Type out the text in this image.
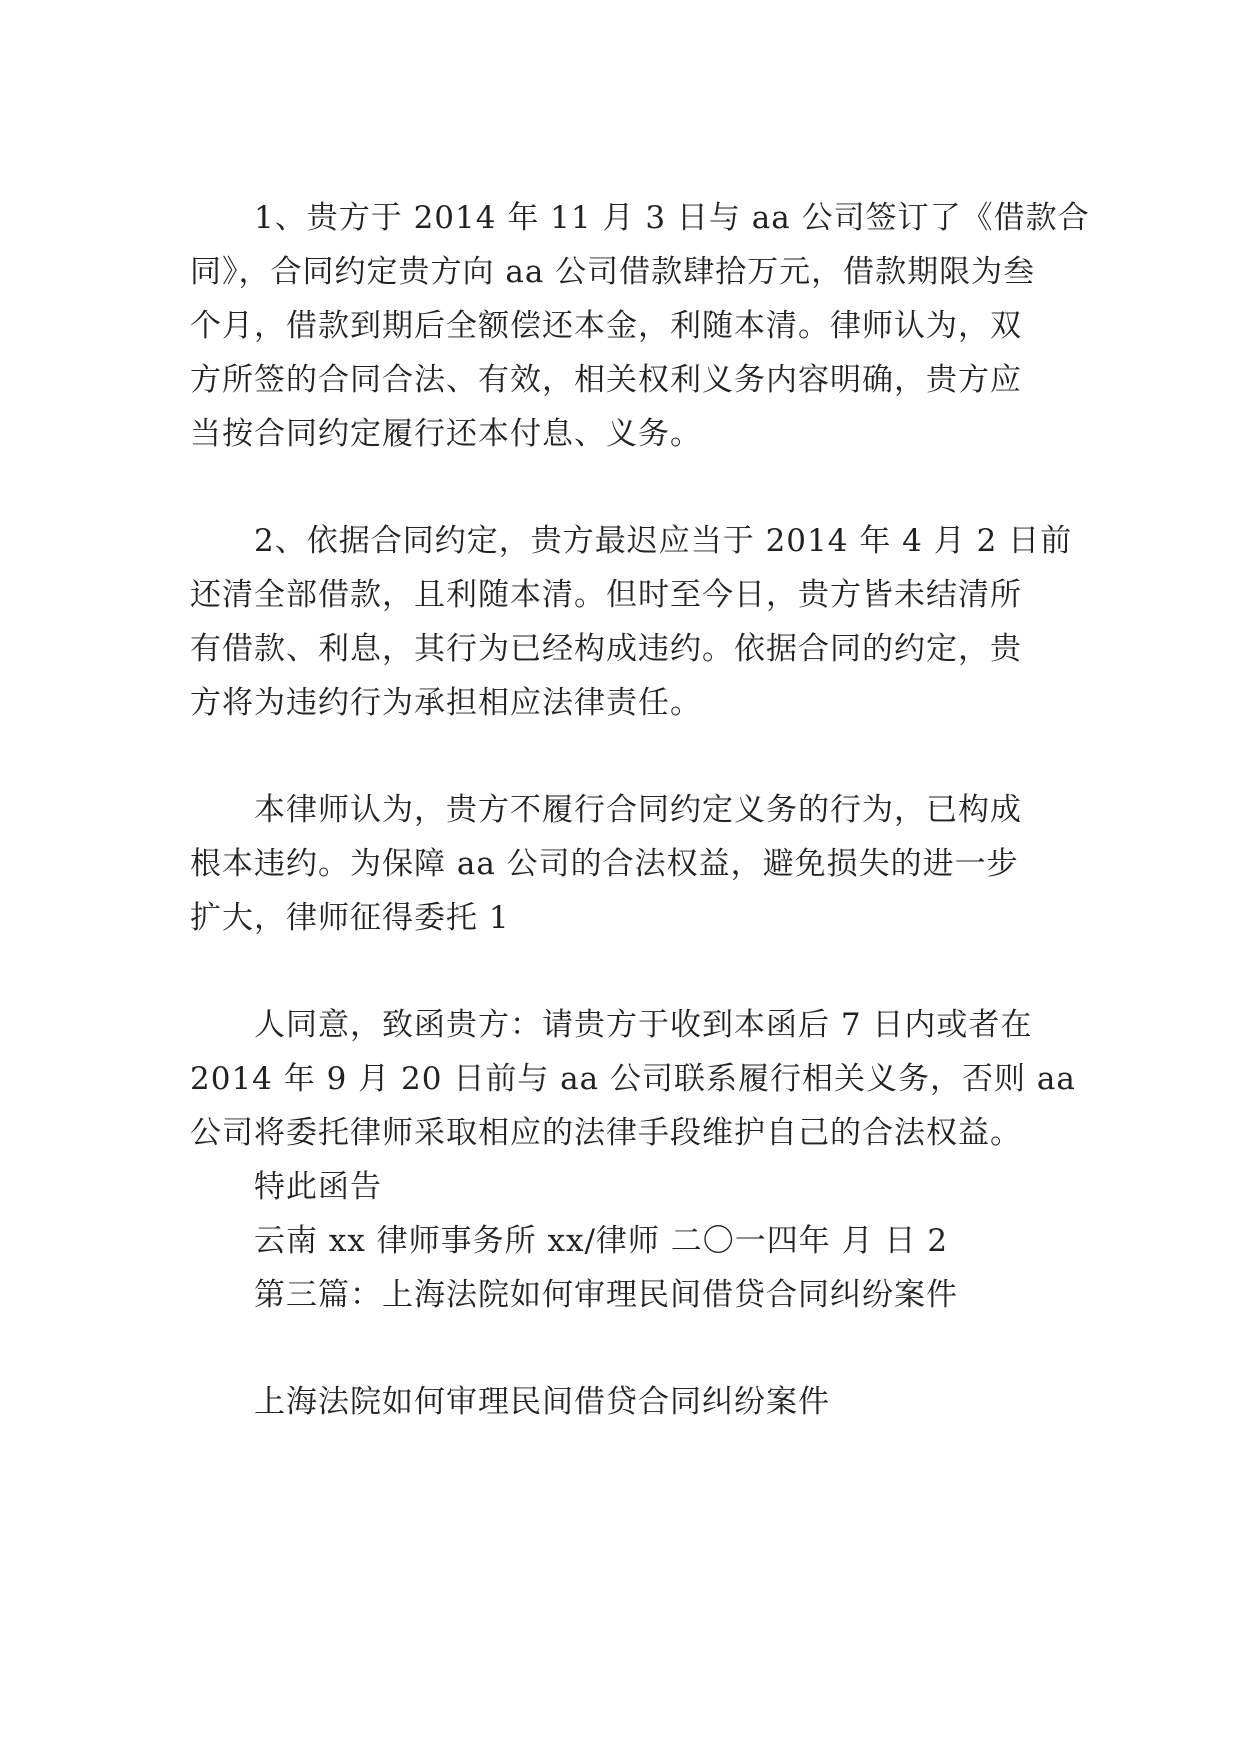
1、贵方于 2014 年 11 月 3 日与 aa 公司签订了《借款合
同》，合同约定贵方向 aa 公司借款肆拾万元，借款期限为叁
个月，借款到期后全额偿还本金，利随本清。律师认为，双
方所签的合同合法、有效，相关权利义务内容明确，贵方应
当按合同约定履行还本付息、义务。
2、依据合同约定，贵方最迟应当于 2014 年 4 月 2 日前
还清全部借款，且利随本清。但时至今日，贵方皆未结清所
有借款、利息，其行为已经构成违约。依据合同的约定，贵
方将为违约行为承担相应法律责任。
本律师认为，贵方不履行合同约定义务的行为，已构成
根本违约。为保障 aa 公司的合法权益，避免损失的进一步
扩大，律师征得委托 1
人同意，致函贵方：请贵方于收到本函后 7 日内或者在
2014 年 9 月 20 日前与 aa 公司联系履行相关义务，否则 aa
公司将委托律师采取相应的法律手段维护自己的合法权益。
特此函告
云南 xx 律师事务所 xx/律师 二〇一四年 月 日 2
第三篇：上海法院如何审理民间借贷合同纠纷案件
上海法院如何审理民间借贷合同纠纷案件
